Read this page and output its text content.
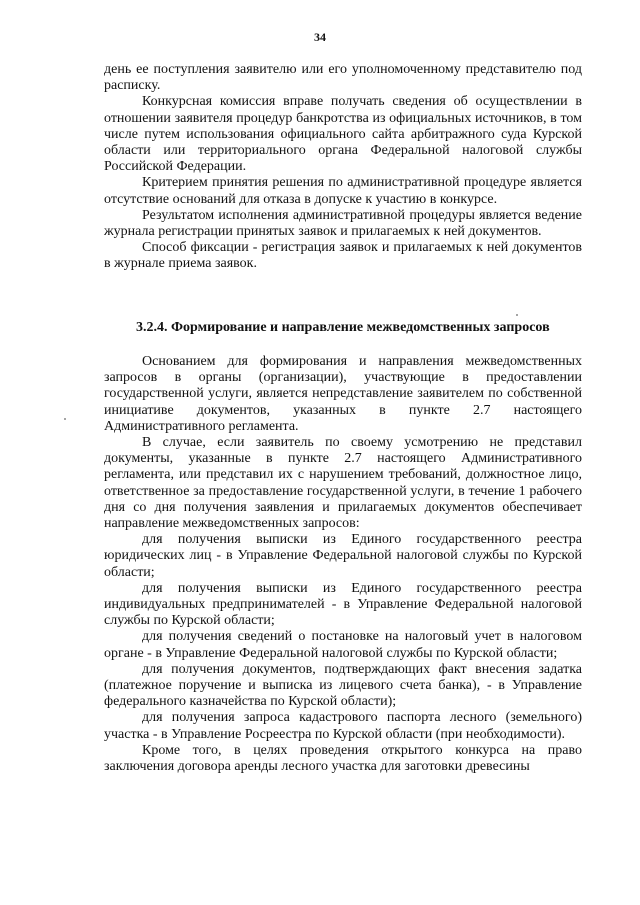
34

день ее поступления заявителю или его уполномоченному представителю под расписку.

Конкурсная комиссия вправе получать сведения об осуществлении в отношении заявителя процедур банкротства из официальных источников, в том числе путем использования официального сайта арбитражного суда Курской области или территориального органа Федеральной налоговой службы Российской Федерации.

Критерием принятия решения по административной процедуре является отсутствие оснований для отказа в допуске к участию в конкурсе.

Результатом исполнения административной процедуры является ведение журнала регистрации принятых заявок и прилагаемых к ней документов.

Способ фиксации - регистрация заявок и прилагаемых к ней документов в журнале приема заявок.

3.2.4. Формирование и направление межведомственных запросов

Основанием для формирования и направления межведомственных запросов в органы (организации), участвующие в предоставлении государственной услуги, является непредставление заявителем по собственной инициативе документов, указанных в пункте 2.7 настоящего Административного регламента.

В случае, если заявитель по своему усмотрению не представил документы, указанные в пункте 2.7 настоящего Административного регламента, или представил их с нарушением требований, должностное лицо, ответственное за предоставление государственной услуги, в течение 1 рабочего дня со дня получения заявления и прилагаемых документов обеспечивает направление межведомственных запросов:

для получения выписки из Единого государственного реестра юридических лиц - в Управление Федеральной налоговой службы по Курской области;

для получения выписки из Единого государственного реестра индивидуальных предпринимателей - в Управление Федеральной налоговой службы по Курской области;

для получения сведений о постановке на налоговый учет в налоговом органе - в Управление Федеральной налоговой службы по Курской области;

для получения документов, подтверждающих факт внесения задатка (платежное поручение и выписка из лицевого счета банка), - в Управление федерального казначейства по Курской области);

для получения запроса кадастрового паспорта лесного (земельного) участка - в Управление Росреестра по Курской области (при необходимости).

Кроме того, в целях проведения открытого конкурса на право заключения договора аренды лесного участка для заготовки древесины
